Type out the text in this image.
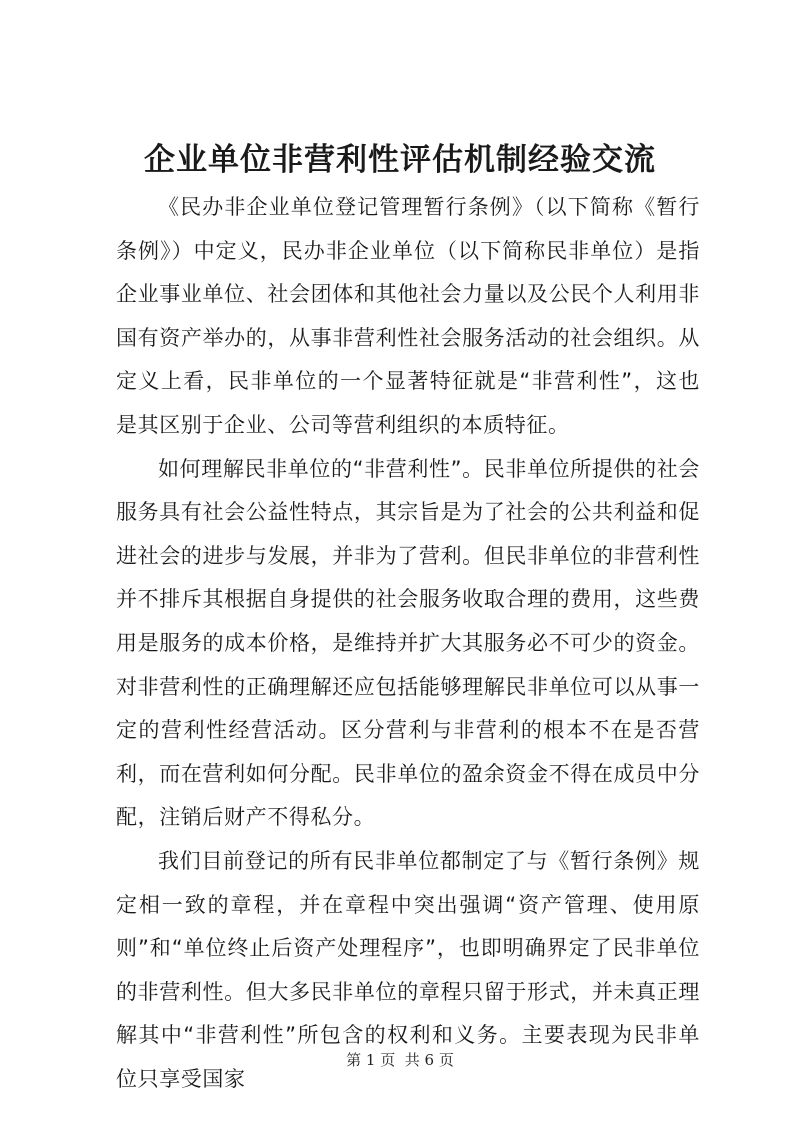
企业单位非营利性评估机制经验交流

《民办非企业单位登记管理暂行条例》（以下简称《暂行条例》）中定义，民办非企业单位（以下简称民非单位）是指企业事业单位、社会团体和其他社会力量以及公民个人利用非国有资产举办的，从事非营利性社会服务活动的社会组织。从定义上看，民非单位的一个显著特征就是“非营利性”，这也是其区别于企业、公司等营利组织的本质特征。

如何理解民非单位的“非营利性”。民非单位所提供的社会服务具有社会公益性特点，其宗旨是为了社会的公共利益和促进社会的进步与发展，并非为了营利。但民非单位的非营利性并不排斥其根据自身提供的社会服务收取合理的费用，这些费用是服务的成本价格，是维持并扩大其服务必不可少的资金。对非营利性的正确理解还应包括能够理解民非单位可以从事一定的营利性经营活动。区分营利与非营利的根本不在是否营利，而在营利如何分配。民非单位的盈余资金不得在成员中分配，注销后财产不得私分。

我们目前登记的所有民非单位都制定了与《暂行条例》规定相一致的章程，并在章程中突出强调“资产管理、使用原则”和“单位终止后资产处理程序”，也即明确界定了民非单位的非营利性。但大多民非单位的章程只留于形式，并未真正理解其中“非营利性”所包含的权利和义务。主要表现为民非单位只享受国家

第 1 页 共 6 页
